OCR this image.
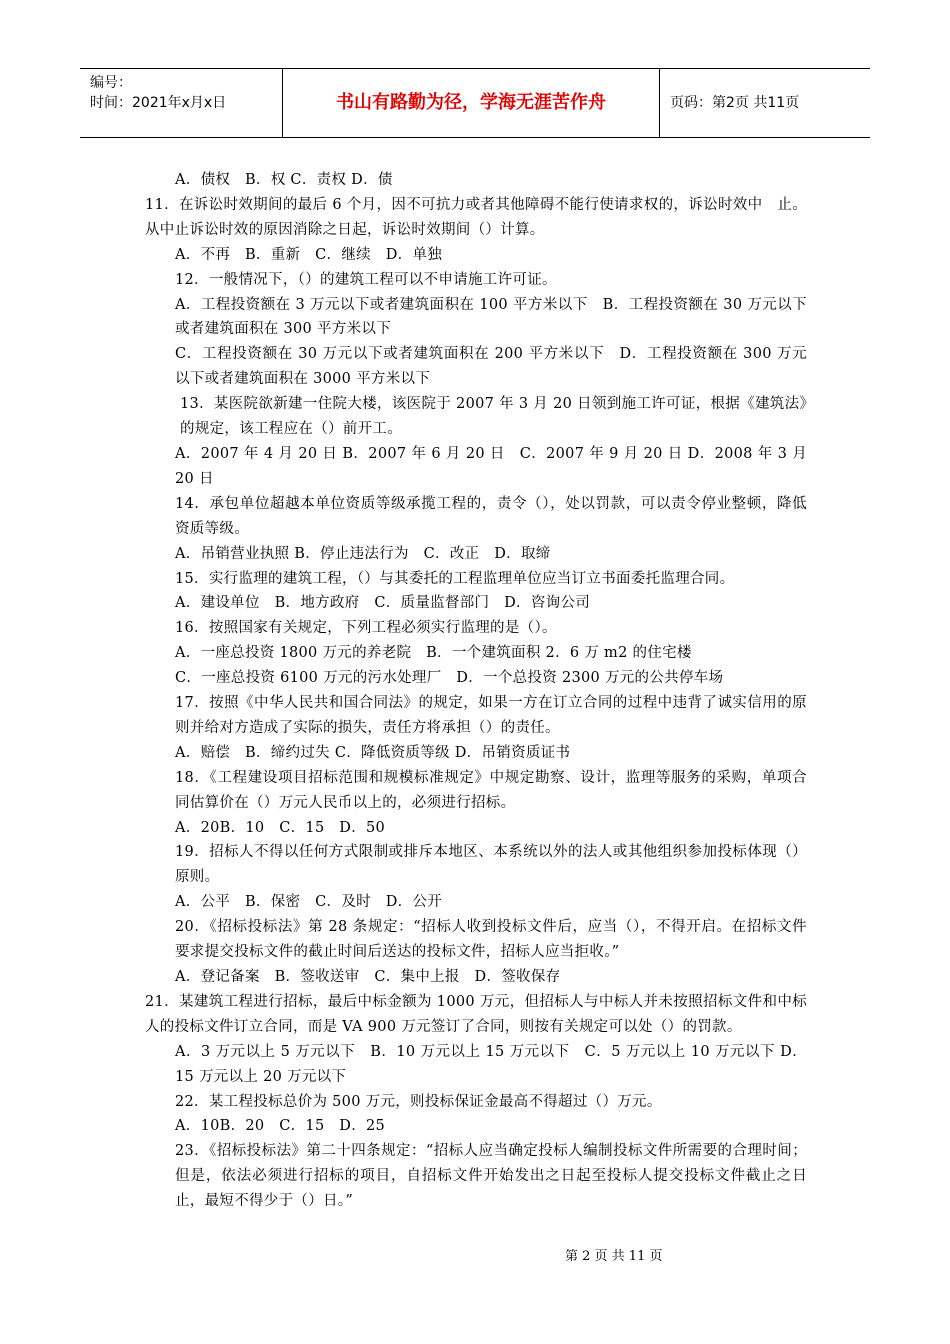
编号：
时间：2021年x月x日	书山有路勤为径，学海无涯苦作舟	页码：第2页 共11页
A．债权　B．权 C．责权 D．债
11．在诉讼时效期间的最后 6 个月，因不可抗力或者其他障碍不能行使请求权的，诉讼时效中　止。从中止诉讼时效的原因消除之日起，诉讼时效期间（）计算。
A．不再　B．重新　C．继续　D．单独
12．一般情况下，（）的建筑工程可以不申请施工许可证。
A．工程投资额在 3 万元以下或者建筑面积在 100 平方米以下　B．工程投资额在 30 万元以下或者建筑面积在 300 平方米以下
C．工程投资额在 30 万元以下或者建筑面积在 200 平方米以下　D．工程投资额在 300 万元以下或者建筑面积在 3000 平方米以下
13．某医院欲新建一住院大楼，该医院于 2007 年 3 月 20 日领到施工许可证，根据《建筑法》的规定，该工程应在（）前开工。
A．2007 年 4 月 20 日 B．2007 年 6 月 20 日　C．2007 年 9 月 20 日 D．2008 年 3 月 20 日
14．承包单位超越本单位资质等级承揽工程的，责令（），处以罚款，可以责令停业整顿，降低资质等级。
A．吊销营业执照 B．停止违法行为　C．改正　D．取缔
15．实行监理的建筑工程，（）与其委托的工程监理单位应当订立书面委托监理合同。
A．建设单位　B．地方政府　C．质量监督部门　D．咨询公司
16．按照国家有关规定，下列工程必须实行监理的是（）。
A．一座总投资 1800 万元的养老院　B．一个建筑面积 2．6 万 m2 的住宅楼
C．一座总投资 6100 万元的污水处理厂　D．一个总投资 2300 万元的公共停车场
17．按照《中华人民共和国合同法》的规定，如果一方在订立合同的过程中违背了诚实信用的原则并给对方造成了实际的损失，责任方将承担（）的责任。
A．赔偿　B．缔约过失 C．降低资质等级 D．吊销资质证书
18．《工程建设项目招标范围和规模标准规定》中规定勘察、设计，监理等服务的采购，单项合同估算价在（）万元人民币以上的，必须进行招标。
A．20B．10　C．15　D．50
19．招标人不得以任何方式限制或排斥本地区、本系统以外的法人或其他组织参加投标体现（）原则。
A．公平　B．保密　C．及时　D．公开
20．《招标投标法》第 28 条规定：“招标人收到投标文件后，应当（），不得开启。在招标文件要求提交投标文件的截止时间后送达的投标文件，招标人应当拒收。”
A．登记备案　B．签收送审　C．集中上报　D．签收保存
21．某建筑工程进行招标，最后中标金额为 1000 万元，但招标人与中标人并未按照招标文件和中标人的投标文件订立合同，而是 VA 900 万元签订了合同，则按有关规定可以处（）的罚款。
A．3 万元以上 5 万元以下　B．10 万元以上 15 万元以下　C．5 万元以上 10 万元以下 D．15 万元以上 20 万元以下
22．某工程投标总价为 500 万元，则投标保证金最高不得超过（）万元。
A．10B．20　C．15　D．25
23．《招标投标法》第二十四条规定：“招标人应当确定投标人编制投标文件所需要的合理时间；但是，依法必须进行招标的项目，自招标文件开始发出之日起至投标人提交投标文件截止之日止，最短不得少于（）日。”
第 2 页 共 11 页
